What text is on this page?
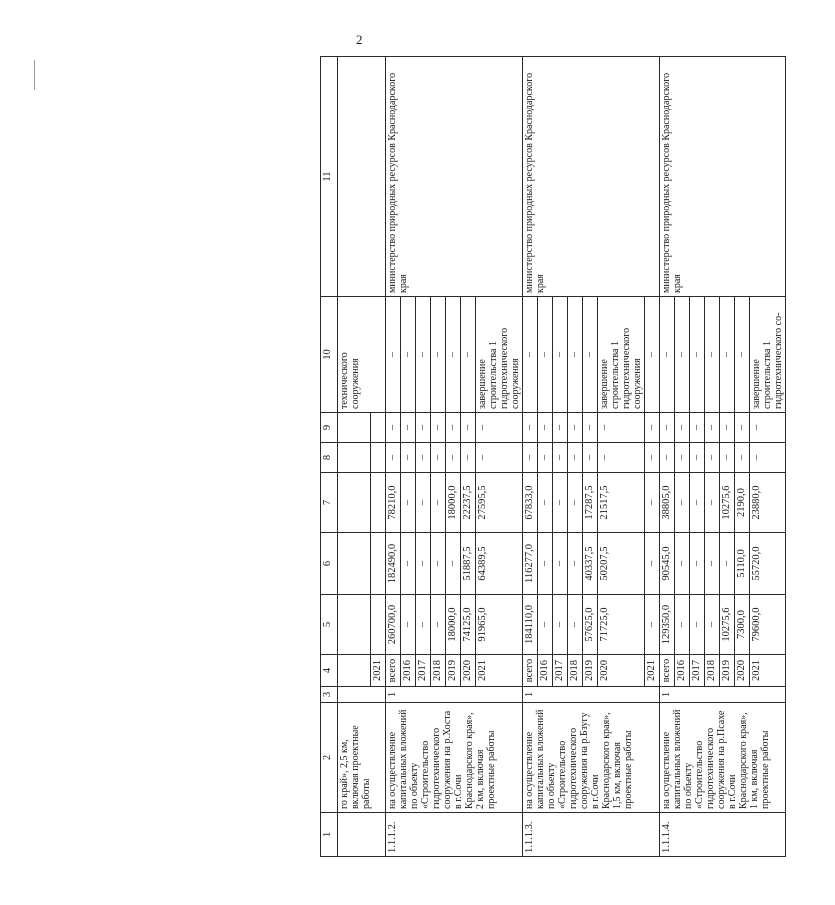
2
1	2	3	4	5	6	7	8	9	10	11
	го край», 2,5 км, включая проектные работы								технического сооружения	
			2021							
1.1.1.2.	на осуществление капитальных вложений по объекту «Строительство гидротехнического сооружения на р.Хоста в г.Сочи Краснодарского края», 2 км, включая проектные работы	1	всего	260700,0	182490,0	78210,0	–	–	–	министерство природных ресурсов Краснодарского края
			2016	–	–	–	–	–	–	
			2017	–	–	–	–	–	–	
			2018	–	–	–	–	–	–	
			2019	18000,0	–	18000,0	–	–	–	
			2020	74125,0	51887,5	22237,5	–	–	–	
			2021	91965,0	64389,5	27595,5	–	–	завершение строительства 1 гидротехнического сооружения	
1.1.1.3.	на осуществление капитальных вложений по объекту «Строительство гидротехнического сооружения на р.Бзугу в г.Сочи Краснодарского края», 1,5 км, включая проектные работы	1	всего	184110,0	116277,0	67833,0	–	–	–	министерство природных ресурсов Краснодарского края
			2016	–	–	–	–	–	–	
			2017	–	–	–	–	–	–	
			2018	–	–	–	–	–	–	
			2019	57625,0	40337,5	17287,5	–	–	–	
			2020	71725,0	50207,5	21517,5	–	–	завершение строительства 1 гидротехнического сооружения	
			2021	–	–	–	–	–	–	
1.1.1.4.	на осуществление капитальных вложений по объекту «Строительство гидротехнического сооружения на р.Псахе в г.Сочи Краснодарского края», 1 км, включая проектные работы	1	всего	129350,0	90545,0	38805,0	–	–	–	министерство природных ресурсов Краснодарского края
			2016	–	–	–	–	–	–	
			2017	–	–	–	–	–	–	
			2018	–	–	–	–	–	–	
			2019	10275,6	–	10275,6	–	–	–	
			2020	7300,0	5110,0	2190,0	–	–	–	
			2021	79600,0	55720,0	23880,0	–	–	завершение строительства 1 гидротехнического со-	
